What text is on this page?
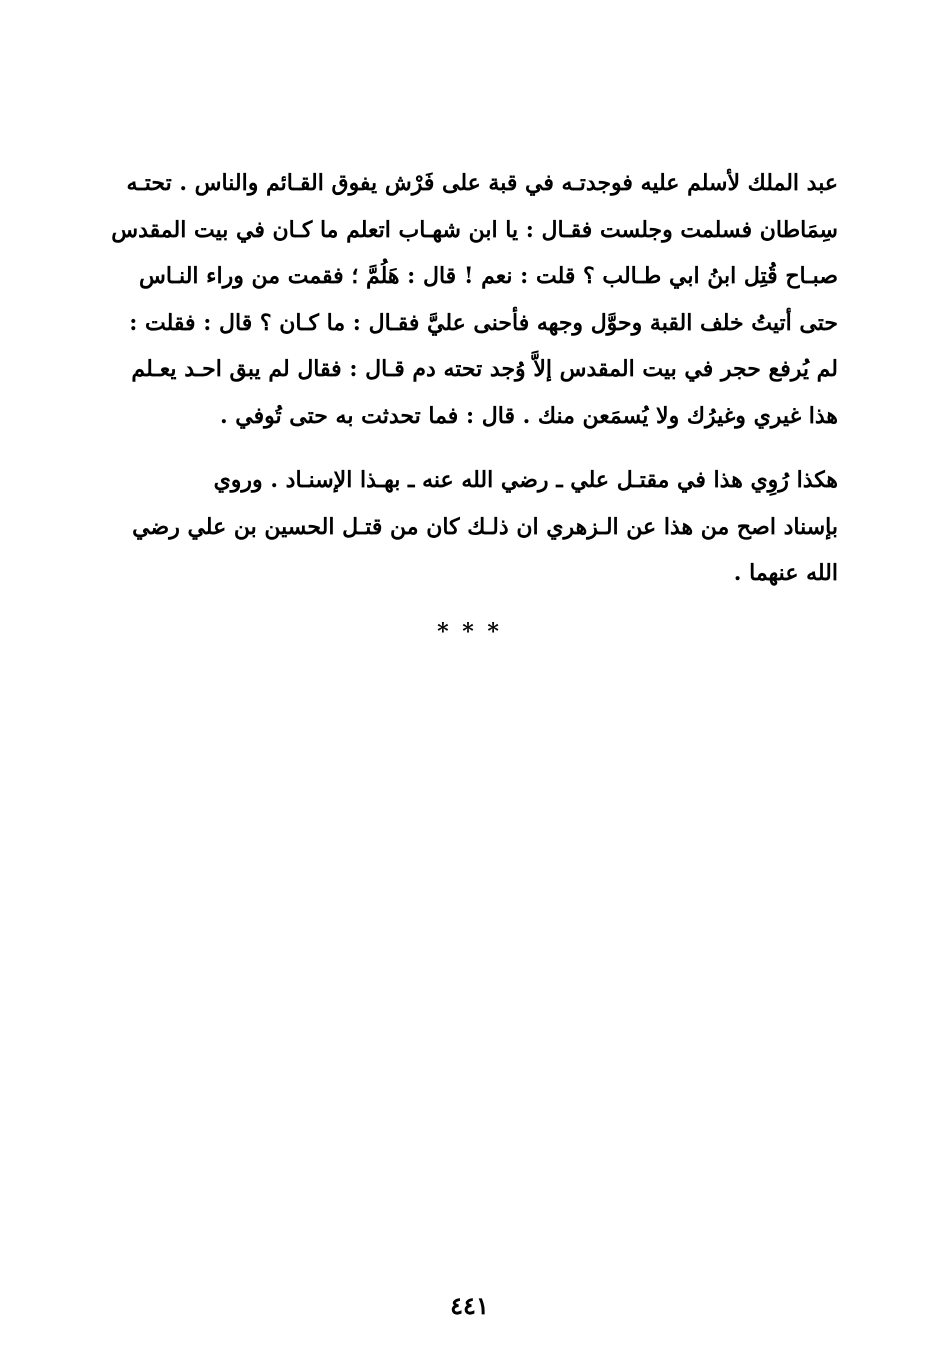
عبد الملك لأسلم عليه فوجدتـه في قبة على فَرْش يفوق القـائم والناس . تحتـه
سِمَاطان فسلمت وجلست فقـال : يا ابن شهـاب اتعلم ما كـان في بيت المقدس
صبـاح قُتِل ابنُ ابي طـالب ؟ قلت : نعم ! قال : هَلُمَّ ؛ فقمت من وراء النـاس
حتى أتيتُ خلف القبة وحوَّل وجهه فأحنى عليَّ فقـال : ما كـان ؟ قال : فقلت :
لم يُرفع حجر في بيت المقدس إلاَّ وُجد تحته دم قـال : فقال لم يبق احـد يعـلم
هذا غيري وغيرُك ولا يُسمَعن منك . قال : فما تحدثت به حتى تُوفي .
هكذا رُوِي هذا في مقتـل علي ـ رضي الله عنه ـ بهـذا الإسنـاد . وروي
بإسناد اصح من هذا عن الـزهري ان ذلـك كان من قتـل الحسين بن علي رضي
الله عنهما .
* * *
٤٤١
